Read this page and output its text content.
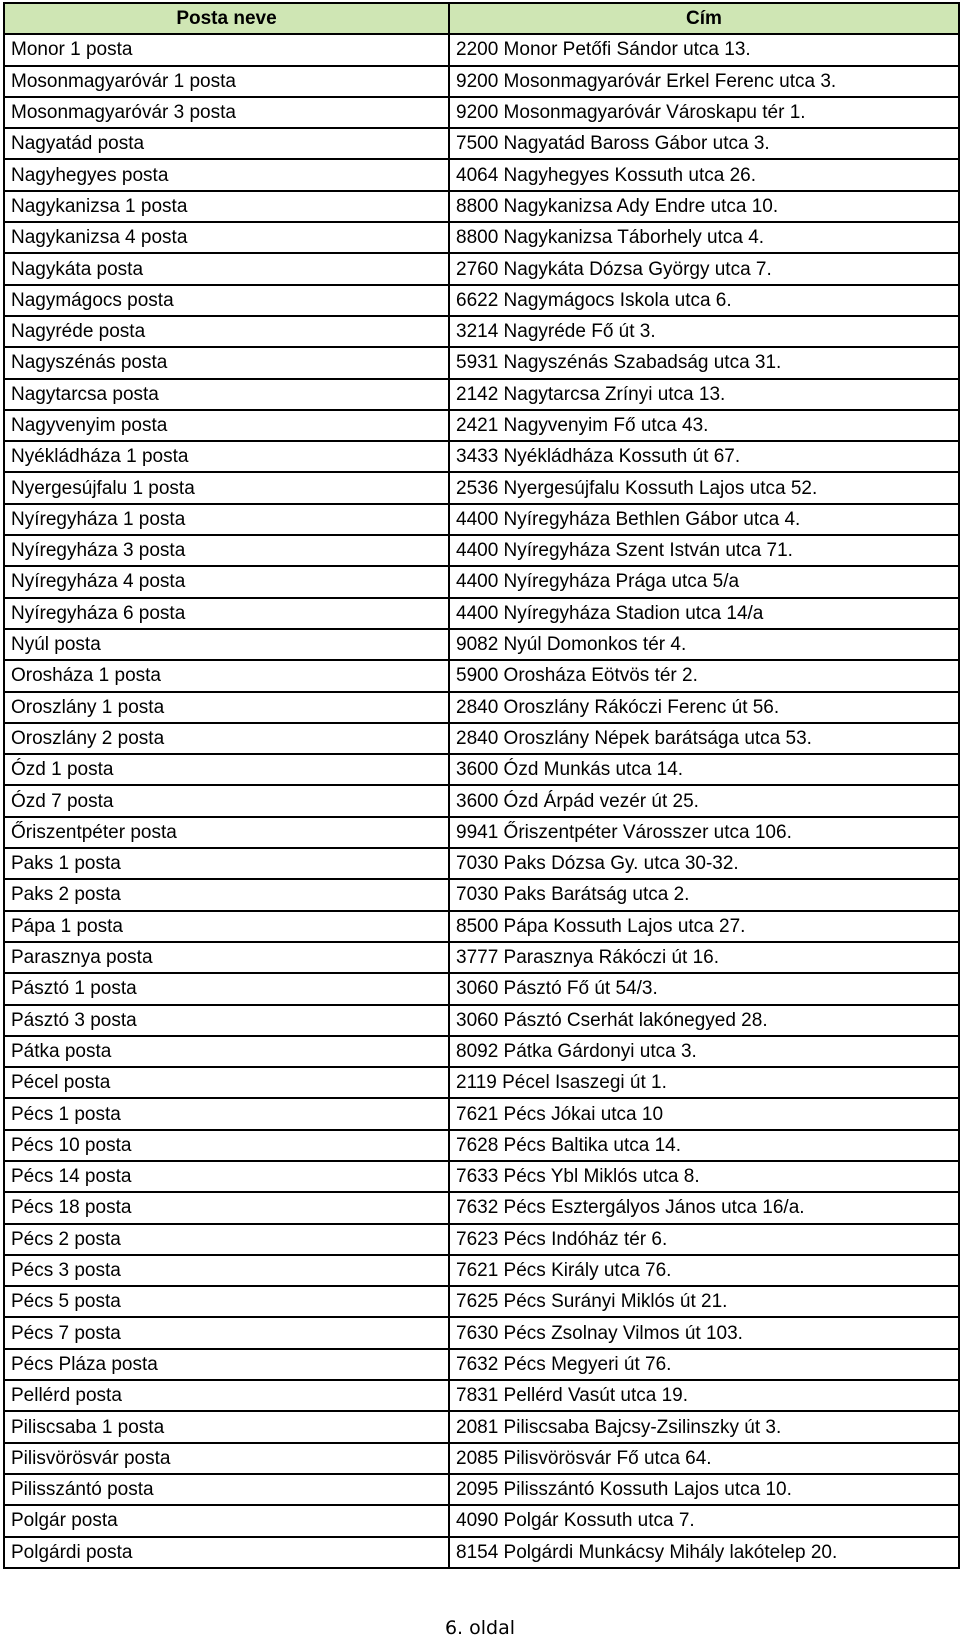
Posta neve	Cím
Monor 1 posta	2200 Monor Petőfi Sándor utca 13.
Mosonmagyaróvár 1 posta	9200 Mosonmagyaróvár Erkel Ferenc utca 3.
Mosonmagyaróvár 3 posta	9200 Mosonmagyaróvár Városkapu tér 1.
Nagyatád posta	7500 Nagyatád Baross Gábor utca 3.
Nagyhegyes posta	4064 Nagyhegyes Kossuth utca 26.
Nagykanizsa 1 posta	8800 Nagykanizsa Ady Endre utca 10.
Nagykanizsa 4 posta	8800 Nagykanizsa Táborhely utca 4.
Nagykáta posta	2760 Nagykáta Dózsa György utca 7.
Nagymágocs posta	6622 Nagymágocs Iskola utca 6.
Nagyréde posta	3214 Nagyréde Fő út 3.
Nagyszénás posta	5931 Nagyszénás Szabadság utca 31.
Nagytarcsa posta	2142 Nagytarcsa Zrínyi utca 13.
Nagyvenyim posta	2421 Nagyvenyim Fő utca 43.
Nyékládháza 1 posta	3433 Nyékládháza Kossuth út 67.
Nyergesújfalu 1 posta	2536 Nyergesújfalu Kossuth Lajos utca 52.
Nyíregyháza 1 posta	4400 Nyíregyháza Bethlen Gábor utca 4.
Nyíregyháza 3 posta	4400 Nyíregyháza Szent István utca 71.
Nyíregyháza 4 posta	4400 Nyíregyháza Prága utca 5/a
Nyíregyháza 6 posta	4400 Nyíregyháza Stadion utca 14/a
Nyúl posta	9082 Nyúl Domonkos tér 4.
Orosháza 1 posta	5900 Orosháza Eötvös tér 2.
Oroszlány 1 posta	2840 Oroszlány Rákóczi Ferenc út 56.
Oroszlány 2 posta	2840 Oroszlány Népek barátsága utca 53.
Ózd 1 posta	3600 Ózd Munkás utca 14.
Ózd 7 posta	3600 Ózd Árpád vezér út 25.
Őriszentpéter posta	9941 Őriszentpéter Városszer utca 106.
Paks 1 posta	7030 Paks Dózsa Gy. utca 30-32.
Paks 2 posta	7030 Paks Barátság utca 2.
Pápa 1 posta	8500 Pápa Kossuth Lajos utca 27.
Parasznya posta	3777 Parasznya Rákóczi út 16.
Pásztó 1 posta	3060 Pásztó Fő út 54/3.
Pásztó 3 posta	3060 Pásztó Cserhát lakónegyed 28.
Pátka posta	8092 Pátka Gárdonyi utca 3.
Pécel posta	2119 Pécel Isaszegi út 1.
Pécs 1 posta	7621 Pécs Jókai utca 10
Pécs 10 posta	7628 Pécs Baltika utca 14.
Pécs 14 posta	7633 Pécs Ybl Miklós utca 8.
Pécs 18 posta	7632 Pécs Esztergályos János utca 16/a.
Pécs 2 posta	7623 Pécs Indóház tér 6.
Pécs 3 posta	7621 Pécs Király utca 76.
Pécs 5 posta	7625 Pécs Surányi Miklós út 21.
Pécs 7 posta	7630 Pécs Zsolnay Vilmos út 103.
Pécs Pláza posta	7632 Pécs Megyeri út 76.
Pellérd posta	7831 Pellérd Vasút utca 19.
Piliscsaba 1 posta	2081 Piliscsaba Bajcsy-Zsilinszky út 3.
Pilisvörösvár posta	2085 Pilisvörösvár Fő utca 64.
Pilisszántó posta	2095 Pilisszántó Kossuth Lajos utca 10.
Polgár posta	4090 Polgár Kossuth utca 7.
Polgárdi posta	8154 Polgárdi Munkácsy Mihály lakótelep 20.
6. oldal
